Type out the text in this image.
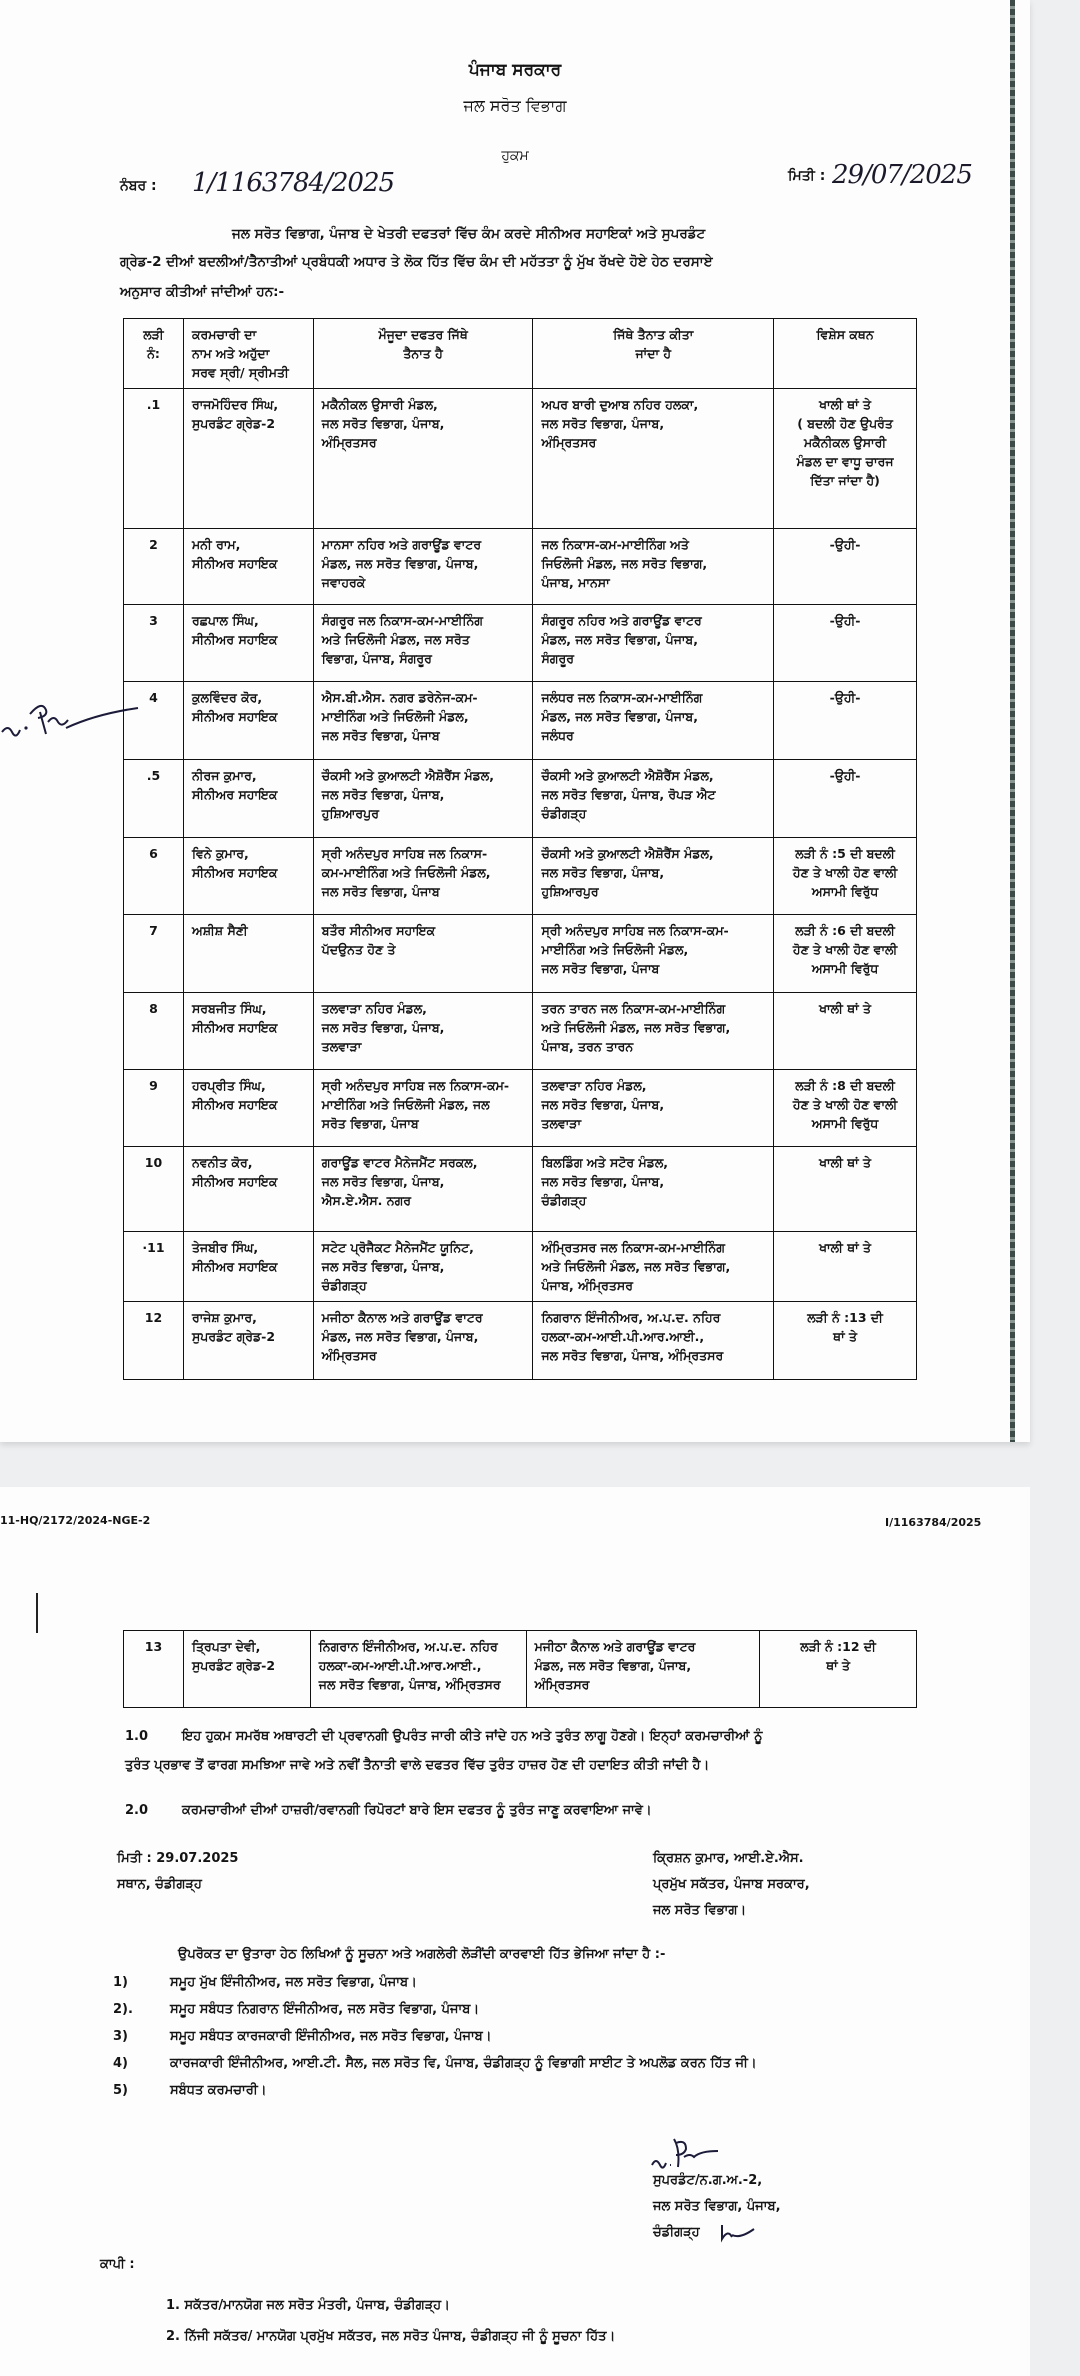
ਪੰਜਾਬ ਸਰਕਾਰ
ਜਲ ਸਰੋਤ ਵਿਭਾਗ
ਹੁਕਮ
ਨੰਬਰ : 1/1163784/2025	ਮਿਤੀ : 29/07/2025
ਜਲ ਸਰੋਤ ਵਿਭਾਗ, ਪੰਜਾਬ ਦੇ ਖੇਤਰੀ ਦਫਤਰਾਂ ਵਿੱਚ ਕੰਮ ਕਰਦੇ ਸੀਨੀਅਰ ਸਹਾਇਕਾਂ ਅਤੇ ਸੁਪਰਡੰਟ
ਗ੍ਰੇਡ-2 ਦੀਆਂ ਬਦਲੀਆਂ/ਤੈਨਾਤੀਆਂ ਪ੍ਰਬੰਧਕੀ ਅਧਾਰ ਤੇ ਲੋਕ ਹਿੱਤ ਵਿੱਚ ਕੰਮ ਦੀ ਮਹੱਤਤਾ ਨੂੰ ਮੁੱਖ ਰੱਖਦੇ ਹੋਏ ਹੇਠ ਦਰਸਾਏ
ਅਨੁਸਾਰ ਕੀਤੀਆਂ ਜਾਂਦੀਆਂ ਹਨ:-
ਲੜੀ
ਨੰ:	ਕਰਮਚਾਰੀ ਦਾ
ਨਾਮ ਅਤੇ ਅਹੁੱਦਾ
ਸਰਵ ਸ੍ਰੀ/ ਸ੍ਰੀਮਤੀ	ਮੌਜੂਦਾ ਦਫਤਰ ਜਿੱਥੇ
ਤੈਨਾਤ ਹੈ	ਜਿੱਥੇ ਤੈਨਾਤ ਕੀਤਾ
ਜਾਂਦਾ ਹੈ	ਵਿਸ਼ੇਸ ਕਥਨ
.1	ਰਾਜਮੋਹਿੰਦਰ ਸਿੰਘ,
ਸੁਪਰਡੰਟ ਗ੍ਰੇਡ-2	ਮਕੈਨੀਕਲ ਉਸਾਰੀ ਮੰਡਲ,
ਜਲ ਸਰੋਤ ਵਿਭਾਗ, ਪੰਜਾਬ,
ਅੰਮ੍ਰਿਤਸਰ	ਅਪਰ ਬਾਰੀ ਦੁਆਬ ਨਹਿਰ ਹਲਕਾ,
ਜਲ ਸਰੋਤ ਵਿਭਾਗ, ਪੰਜਾਬ,
ਅੰਮ੍ਰਿਤਸਰ	ਖਾਲੀ ਥਾਂ ਤੇ
( ਬਦਲੀ ਹੋਣ ਉਪਰੰਤ
ਮਕੈਨੀਕਲ ਉਸਾਰੀ
ਮੰਡਲ ਦਾ ਵਾਧੂ ਚਾਰਜ
ਦਿੱਤਾ ਜਾਂਦਾ ਹੈ)
2	ਮਨੀ ਰਾਮ,
ਸੀਨੀਅਰ ਸਹਾਇਕ	ਮਾਨਸਾ ਨਹਿਰ ਅਤੇ ਗਰਾਊਂਡ ਵਾਟਰ
ਮੰਡਲ, ਜਲ ਸਰੋਤ ਵਿਭਾਗ, ਪੰਜਾਬ,
ਜਵਾਹਰਕੇ	ਜਲ ਨਿਕਾਸ-ਕਮ-ਮਾਈਨਿੰਗ ਅਤੇ
ਜਿਓਲੋਜੀ ਮੰਡਲ, ਜਲ ਸਰੋਤ ਵਿਭਾਗ,
ਪੰਜਾਬ, ਮਾਨਸਾ	-ਉਹੀ-
3	ਰਛਪਾਲ ਸਿੰਘ,
ਸੀਨੀਅਰ ਸਹਾਇਕ	ਸੰਗਰੂਰ ਜਲ ਨਿਕਾਸ-ਕਮ-ਮਾਈਨਿੰਗ
ਅਤੇ ਜਿਓਲੋਜੀ ਮੰਡਲ, ਜਲ ਸਰੋਤ
ਵਿਭਾਗ, ਪੰਜਾਬ, ਸੰਗਰੂਰ	ਸੰਗਰੂਰ ਨਹਿਰ ਅਤੇ ਗਰਾਊਂਡ ਵਾਟਰ
ਮੰਡਲ, ਜਲ ਸਰੋਤ ਵਿਭਾਗ, ਪੰਜਾਬ,
ਸੰਗਰੂਰ	-ਉਹੀ-
4	ਕੁਲਵਿੰਦਰ ਕੋਰ,
ਸੀਨੀਅਰ ਸਹਾਇਕ	ਐਸ.ਬੀ.ਐਸ. ਨਗਰ ਡਰੇਨੇਜ-ਕਮ-
ਮਾਈਨਿੰਗ ਅਤੇ ਜਿਓਲੋਜੀ ਮੰਡਲ,
ਜਲ ਸਰੋਤ ਵਿਭਾਗ, ਪੰਜਾਬ	ਜਲੰਧਰ ਜਲ ਨਿਕਾਸ-ਕਮ-ਮਾਈਨਿੰਗ
ਮੰਡਲ, ਜਲ ਸਰੋਤ ਵਿਭਾਗ, ਪੰਜਾਬ,
ਜਲੰਧਰ	-ਉਹੀ-
.5	ਨੀਰਜ ਕੁਮਾਰ,
ਸੀਨੀਅਰ ਸਹਾਇਕ	ਚੌਕਸੀ ਅਤੇ ਕੁਆਲਟੀ ਐਸ਼ੋਰੈਂਸ ਮੰਡਲ,
ਜਲ ਸਰੋਤ ਵਿਭਾਗ, ਪੰਜਾਬ,
ਹੁਸ਼ਿਆਰਪੁਰ	ਚੌਕਸੀ ਅਤੇ ਕੁਆਲਟੀ ਐਸ਼ੋਰੈਂਸ ਮੰਡਲ,
ਜਲ ਸਰੋਤ ਵਿਭਾਗ, ਪੰਜਾਬ, ਰੋਪੜ ਐਟ
ਚੰਡੀਗੜ੍ਹ	-ਉਹੀ-
6	ਵਿਨੇ ਕੁਮਾਰ,
ਸੀਨੀਅਰ ਸਹਾਇਕ	ਸ੍ਰੀ ਅਨੰਦਪੁਰ ਸਾਹਿਬ ਜਲ ਨਿਕਾਸ-
ਕਮ-ਮਾਈਨਿੰਗ ਅਤੇ ਜਿਓਲੋਜੀ ਮੰਡਲ,
ਜਲ ਸਰੋਤ ਵਿਭਾਗ, ਪੰਜਾਬ	ਚੌਕਸੀ ਅਤੇ ਕੁਆਲਟੀ ਐਸ਼ੋਰੈਂਸ ਮੰਡਲ,
ਜਲ ਸਰੋਤ ਵਿਭਾਗ, ਪੰਜਾਬ,
ਹੁਸ਼ਿਆਰਪੁਰ	ਲੜੀ ਨੰ :5 ਦੀ ਬਦਲੀ
ਹੋਣ ਤੇ ਖਾਲੀ ਹੋਣ ਵਾਲੀ
ਅਸਾਮੀ ਵਿਰੁੱਧ
7	ਅਸ਼ੀਸ਼ ਸੈਣੀ	ਬਤੌਰ ਸੀਨੀਅਰ ਸਹਾਇਕ
ਪੱਦਉਨਤ ਹੋਣ ਤੇ	ਸ੍ਰੀ ਅਨੰਦਪੁਰ ਸਾਹਿਬ ਜਲ ਨਿਕਾਸ-ਕਮ-
ਮਾਈਨਿੰਗ ਅਤੇ ਜਿਓਲੋਜੀ ਮੰਡਲ,
ਜਲ ਸਰੋਤ ਵਿਭਾਗ, ਪੰਜਾਬ	ਲੜੀ ਨੰ :6 ਦੀ ਬਦਲੀ
ਹੋਣ ਤੇ ਖਾਲੀ ਹੋਣ ਵਾਲੀ
ਅਸਾਮੀ ਵਿਰੁੱਧ
8	ਸਰਬਜੀਤ ਸਿੰਘ,
ਸੀਨੀਅਰ ਸਹਾਇਕ	ਤਲਵਾੜਾ ਨਹਿਰ ਮੰਡਲ,
ਜਲ ਸਰੋਤ ਵਿਭਾਗ, ਪੰਜਾਬ,
ਤਲਵਾੜਾ	ਤਰਨ ਤਾਰਨ ਜਲ ਨਿਕਾਸ-ਕਮ-ਮਾਈਨਿੰਗ
ਅਤੇ ਜਿਓਲੋਜੀ ਮੰਡਲ, ਜਲ ਸਰੋਤ ਵਿਭਾਗ,
ਪੰਜਾਬ, ਤਰਨ ਤਾਰਨ	ਖਾਲੀ ਥਾਂ ਤੇ
9	ਹਰਪ੍ਰੀਤ ਸਿੰਘ,
ਸੀਨੀਅਰ ਸਹਾਇਕ	ਸ੍ਰੀ ਅਨੰਦਪੁਰ ਸਾਹਿਬ ਜਲ ਨਿਕਾਸ-ਕਮ-
ਮਾਈਨਿੰਗ ਅਤੇ ਜਿਓਲੋਜੀ ਮੰਡਲ, ਜਲ
ਸਰੋਤ ਵਿਭਾਗ, ਪੰਜਾਬ	ਤਲਵਾੜਾ ਨਹਿਰ ਮੰਡਲ,
ਜਲ ਸਰੋਤ ਵਿਭਾਗ, ਪੰਜਾਬ,
ਤਲਵਾੜਾ	ਲੜੀ ਨੰ :8 ਦੀ ਬਦਲੀ
ਹੋਣ ਤੇ ਖਾਲੀ ਹੋਣ ਵਾਲੀ
ਅਸਾਮੀ ਵਿਰੁੱਧ
10	ਨਵਨੀਤ ਕੋਰ,
ਸੀਨੀਅਰ ਸਹਾਇਕ	ਗਰਾਊਂਡ ਵਾਟਰ ਮੈਨੇਜਮੈਂਟ ਸਰਕਲ,
ਜਲ ਸਰੋਤ ਵਿਭਾਗ, ਪੰਜਾਬ,
ਐਸ.ਏ.ਐਸ. ਨਗਰ	ਬਿਲਡਿੰਗ ਅਤੇ ਸਟੋਰ ਮੰਡਲ,
ਜਲ ਸਰੋਤ ਵਿਭਾਗ, ਪੰਜਾਬ,
ਚੰਡੀਗੜ੍ਹ	ਖਾਲੀ ਥਾਂ ਤੇ
·11	ਤੇਜਬੀਰ ਸਿੰਘ,
ਸੀਨੀਅਰ ਸਹਾਇਕ	ਸਟੇਟ ਪ੍ਰੋਜੈਕਟ ਮੈਨੇਜਮੈਂਟ ਯੂਨਿਟ,
ਜਲ ਸਰੋਤ ਵਿਭਾਗ, ਪੰਜਾਬ,
ਚੰਡੀਗੜ੍ਹ	ਅੰਮ੍ਰਿਤਸਰ ਜਲ ਨਿਕਾਸ-ਕਮ-ਮਾਈਨਿੰਗ
ਅਤੇ ਜਿਓਲੋਜੀ ਮੰਡਲ, ਜਲ ਸਰੋਤ ਵਿਭਾਗ,
ਪੰਜਾਬ, ਅੰਮ੍ਰਿਤਸਰ	ਖਾਲੀ ਥਾਂ ਤੇ
12	ਰਾਜੇਸ਼ ਕੁਮਾਰ,
ਸੁਪਰਡੰਟ ਗ੍ਰੇਡ-2	ਮਜੀਠਾ ਕੈਨਾਲ ਅਤੇ ਗਰਾਊਂਡ ਵਾਟਰ
ਮੰਡਲ, ਜਲ ਸਰੋਤ ਵਿਭਾਗ, ਪੰਜਾਬ,
ਅੰਮ੍ਰਿਤਸਰ	ਨਿਗਰਾਨ ਇੰਜੀਨੀਅਰ, ਅ.ਪ.ਦ. ਨਹਿਰ
ਹਲਕਾ-ਕਮ-ਆਈ.ਪੀ.ਆਰ.ਆਈ.,
ਜਲ ਸਰੋਤ ਵਿਭਾਗ, ਪੰਜਾਬ, ਅੰਮ੍ਰਿਤਸਰ	ਲੜੀ ਨੰ :13 ਦੀ
ਥਾਂ ਤੇ
11-HQ/2172/2024-NGE-2	I/1163784/2025
13	ਤ੍ਰਿਪਤਾ ਦੇਵੀ,
ਸੁਪਰਡੰਟ ਗ੍ਰੇਡ-2	ਨਿਗਰਾਨ ਇੰਜੀਨੀਅਰ, ਅ.ਪ.ਦ. ਨਹਿਰ
ਹਲਕਾ-ਕਮ-ਆਈ.ਪੀ.ਆਰ.ਆਈ.,
ਜਲ ਸਰੋਤ ਵਿਭਾਗ, ਪੰਜਾਬ, ਅੰਮ੍ਰਿਤਸਰ	ਮਜੀਠਾ ਕੈਨਾਲ ਅਤੇ ਗਰਾਊਂਡ ਵਾਟਰ
ਮੰਡਲ, ਜਲ ਸਰੋਤ ਵਿਭਾਗ, ਪੰਜਾਬ,
ਅੰਮ੍ਰਿਤਸਰ	ਲੜੀ ਨੰ :12 ਦੀ
ਥਾਂ ਤੇ
1.0	ਇਹ ਹੁਕਮ ਸਮਰੱਥ ਅਥਾਰਟੀ ਦੀ ਪ੍ਰਵਾਨਗੀ ਉਪਰੰਤ ਜਾਰੀ ਕੀਤੇ ਜਾਂਦੇ ਹਨ ਅਤੇ ਤੁਰੰਤ ਲਾਗੂ ਹੋਣਗੇ। ਇਨ੍ਹਾਂ ਕਰਮਚਾਰੀਆਂ ਨੂੰ
ਤੁਰੰਤ ਪ੍ਰਭਾਵ ਤੋਂ ਫਾਰਗ ਸਮਝਿਆ ਜਾਵੇ ਅਤੇ ਨਵੀਂ ਤੈਨਾਤੀ ਵਾਲੇ ਦਫਤਰ ਵਿੱਚ ਤੁਰੰਤ ਹਾਜ਼ਰ ਹੋਣ ਦੀ ਹਦਾਇਤ ਕੀਤੀ ਜਾਂਦੀ ਹੈ।
2.0	ਕਰਮਚਾਰੀਆਂ ਦੀਆਂ ਹਾਜ਼ਰੀ/ਰਵਾਨਗੀ ਰਿਪੋਰਟਾਂ ਬਾਰੇ ਇਸ ਦਫਤਰ ਨੂੰ ਤੁਰੰਤ ਜਾਣੂ ਕਰਵਾਇਆ ਜਾਵੇ।
ਮਿਤੀ : 29.07.2025
ਸਥਾਨ, ਚੰਡੀਗੜ੍ਹ
ਕ੍ਰਿਸ਼ਨ ਕੁਮਾਰ, ਆਈ.ਏ.ਐਸ.
ਪ੍ਰਮੁੱਖ ਸਕੱਤਰ, ਪੰਜਾਬ ਸਰਕਾਰ,
ਜਲ ਸਰੋਤ ਵਿਭਾਗ।
ਉਪਰੋਕਤ ਦਾ ਉਤਾਰਾ ਹੇਠ ਲਿਖਿਆਂ ਨੂੰ ਸੂਚਨਾ ਅਤੇ ਅਗਲੇਰੀ ਲੋੜੀਂਦੀ ਕਾਰਵਾਈ ਹਿੱਤ ਭੇਜਿਆ ਜਾਂਦਾ ਹੈ :-
1)	ਸਮੂਹ ਮੁੱਖ ਇੰਜੀਨੀਅਰ, ਜਲ ਸਰੋਤ ਵਿਭਾਗ, ਪੰਜਾਬ।
2).	ਸਮੂਹ ਸਬੰਧਤ ਨਿਗਰਾਨ ਇੰਜੀਨੀਅਰ, ਜਲ ਸਰੋਤ ਵਿਭਾਗ, ਪੰਜਾਬ।
3)	ਸਮੂਹ ਸਬੰਧਤ ਕਾਰਜਕਾਰੀ ਇੰਜੀਨੀਅਰ, ਜਲ ਸਰੋਤ ਵਿਭਾਗ, ਪੰਜਾਬ।
4)	ਕਾਰਜਕਾਰੀ ਇੰਜੀਨੀਅਰ, ਆਈ.ਟੀ. ਸੈਲ, ਜਲ ਸਰੋਤ ਵਿ, ਪੰਜਾਬ, ਚੰਡੀਗੜ੍ਹ ਨੂੰ ਵਿਭਾਗੀ ਸਾਈਟ ਤੇ ਅਪਲੋਡ ਕਰਨ ਹਿੱਤ ਜੀ।
5)	ਸਬੰਧਤ ਕਰਮਚਾਰੀ।
ਸੁਪਰਡੰਟ/ਨ.ਗ.ਅ.-2,
ਜਲ ਸਰੋਤ ਵਿਭਾਗ, ਪੰਜਾਬ,
ਚੰਡੀਗੜ੍ਹ
ਕਾਪੀ :
1. ਸਕੱਤਰ/ਮਾਨਯੋਗ ਜਲ ਸਰੋਤ ਮੰਤਰੀ, ਪੰਜਾਬ, ਚੰਡੀਗੜ੍ਹ।
2. ਨਿੱਜੀ ਸਕੱਤਰ/ ਮਾਨਯੋਗ ਪ੍ਰਮੁੱਖ ਸਕੱਤਰ, ਜਲ ਸਰੋਤ ਪੰਜਾਬ, ਚੰਡੀਗੜ੍ਹ ਜੀ ਨੂੰ ਸੂਚਨਾ ਹਿੱਤ।
